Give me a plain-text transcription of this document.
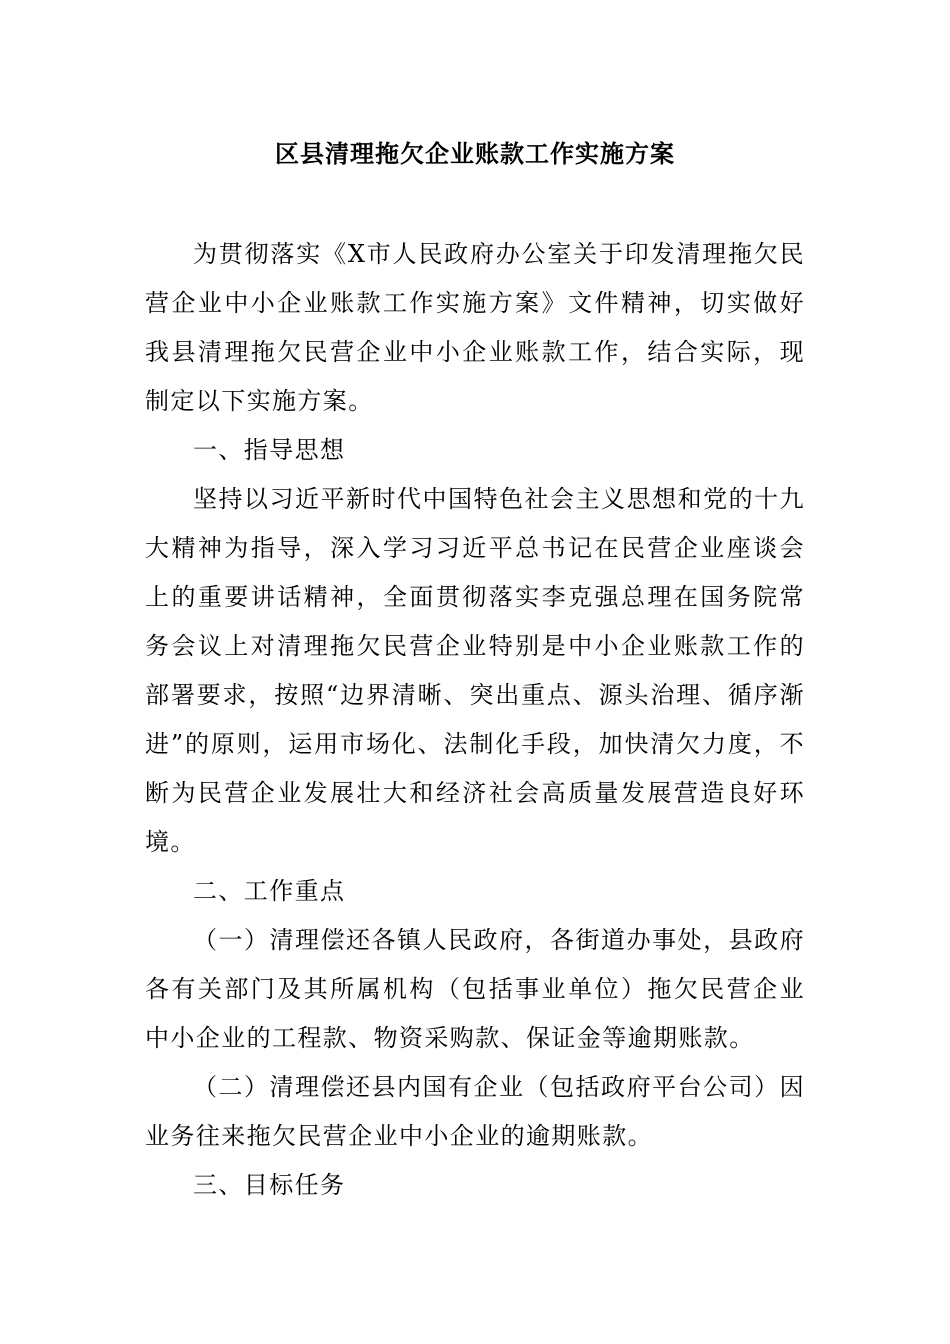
区县清理拖欠企业账款工作实施方案

为贯彻落实《X市人民政府办公室关于印发清理拖欠民营企业中小企业账款工作实施方案》文件精神，切实做好我县清理拖欠民营企业中小企业账款工作，结合实际，现制定以下实施方案。

一、指导思想

坚持以习近平新时代中国特色社会主义思想和党的十九大精神为指导，深入学习习近平总书记在民营企业座谈会上的重要讲话精神，全面贯彻落实李克强总理在国务院常务会议上对清理拖欠民营企业特别是中小企业账款工作的部署要求，按照“边界清晰、突出重点、源头治理、循序渐进”的原则，运用市场化、法制化手段，加快清欠力度，不断为民营企业发展壮大和经济社会高质量发展营造良好环境。

二、工作重点

（一）清理偿还各镇人民政府，各街道办事处，县政府各有关部门及其所属机构（包括事业单位）拖欠民营企业中小企业的工程款、物资采购款、保证金等逾期账款。

（二）清理偿还县内国有企业（包括政府平台公司）因业务往来拖欠民营企业中小企业的逾期账款。

三、目标任务
